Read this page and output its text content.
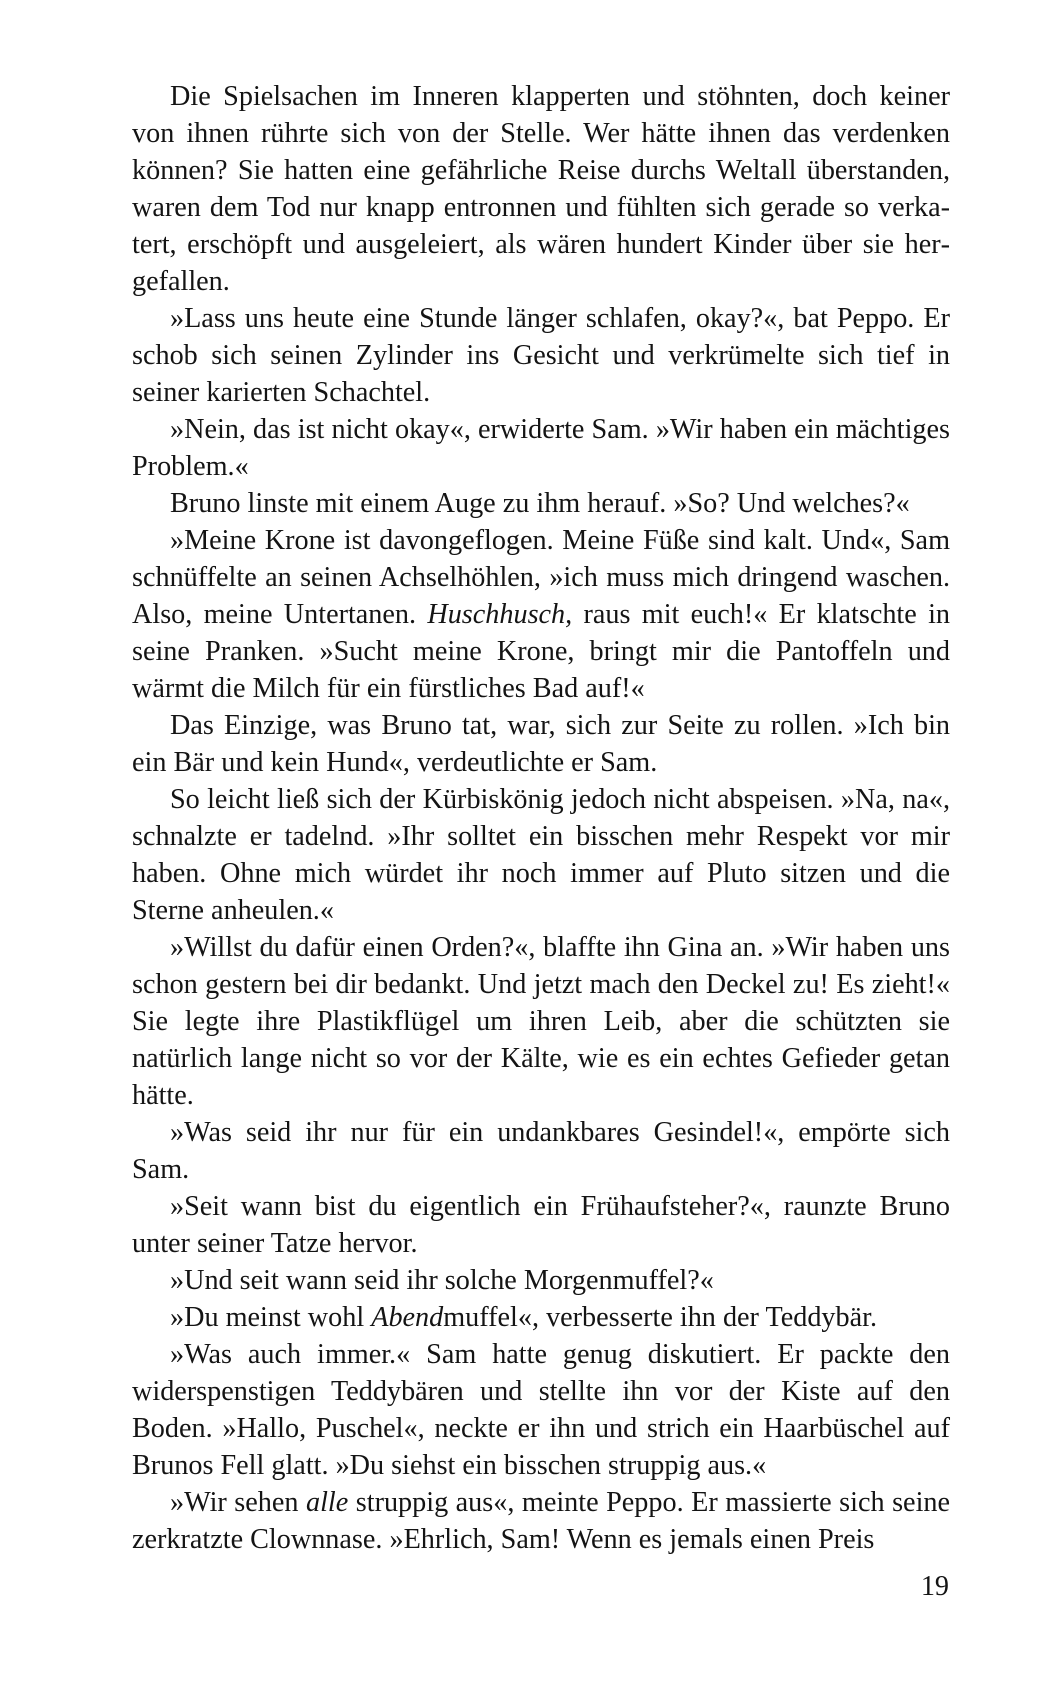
Die Spielsachen im Inneren klapperten und stöhnten, doch keiner von ihnen rührte sich von der Stelle. Wer hätte ihnen das verdenken können? Sie hatten eine gefährliche Reise durchs Weltall überstanden, waren dem Tod nur knapp entronnen und fühlten sich gerade so verkatert, erschöpft und ausgeleiert, als wären hundert Kinder über sie hergefallen.

»Lass uns heute eine Stunde länger schlafen, okay?«, bat Peppo. Er schob sich seinen Zylinder ins Gesicht und verkrümelte sich tief in seiner karierten Schachtel.

»Nein, das ist nicht okay«, erwiderte Sam. »Wir haben ein mächtiges Problem.«

Bruno linste mit einem Auge zu ihm herauf. »So? Und welches?«

»Meine Krone ist davongeflogen. Meine Füße sind kalt. Und«, Sam schnüffelte an seinen Achselhöhlen, »ich muss mich dringend waschen. Also, meine Untertanen. Huschhusch, raus mit euch!« Er klatschte in seine Pranken. »Sucht meine Krone, bringt mir die Pantoffeln und wärmt die Milch für ein fürstliches Bad auf!«

Das Einzige, was Bruno tat, war, sich zur Seite zu rollen. »Ich bin ein Bär und kein Hund«, verdeutlichte er Sam.

So leicht ließ sich der Kürbiskönig jedoch nicht abspeisen. »Na, na«, schnalzte er tadelnd. »Ihr solltet ein bisschen mehr Respekt vor mir haben. Ohne mich würdet ihr noch immer auf Pluto sitzen und die Sterne anheulen.«

»Willst du dafür einen Orden?«, blaffte ihn Gina an. »Wir haben uns schon gestern bei dir bedankt. Und jetzt mach den Deckel zu! Es zieht!« Sie legte ihre Plastikflügel um ihren Leib, aber die schützten sie natürlich lange nicht so vor der Kälte, wie es ein echtes Gefieder getan hätte.

»Was seid ihr nur für ein undankbares Gesindel!«, empörte sich Sam.

»Seit wann bist du eigentlich ein Frühaufsteher?«, raunzte Bruno unter seiner Tatze hervor.

»Und seit wann seid ihr solche Morgenmuffel?«

»Du meinst wohl Abendmuffel«, verbesserte ihn der Teddybär.

»Was auch immer.« Sam hatte genug diskutiert. Er packte den widerspenstigen Teddybären und stellte ihn vor der Kiste auf den Boden. »Hallo, Puschel«, neckte er ihn und strich ein Haarbüschel auf Brunos Fell glatt. »Du siehst ein bisschen struppig aus.«

»Wir sehen alle struppig aus«, meinte Peppo. Er massierte sich seine zerkratzte Clownnase. »Ehrlich, Sam! Wenn es jemals einen Preis

19
